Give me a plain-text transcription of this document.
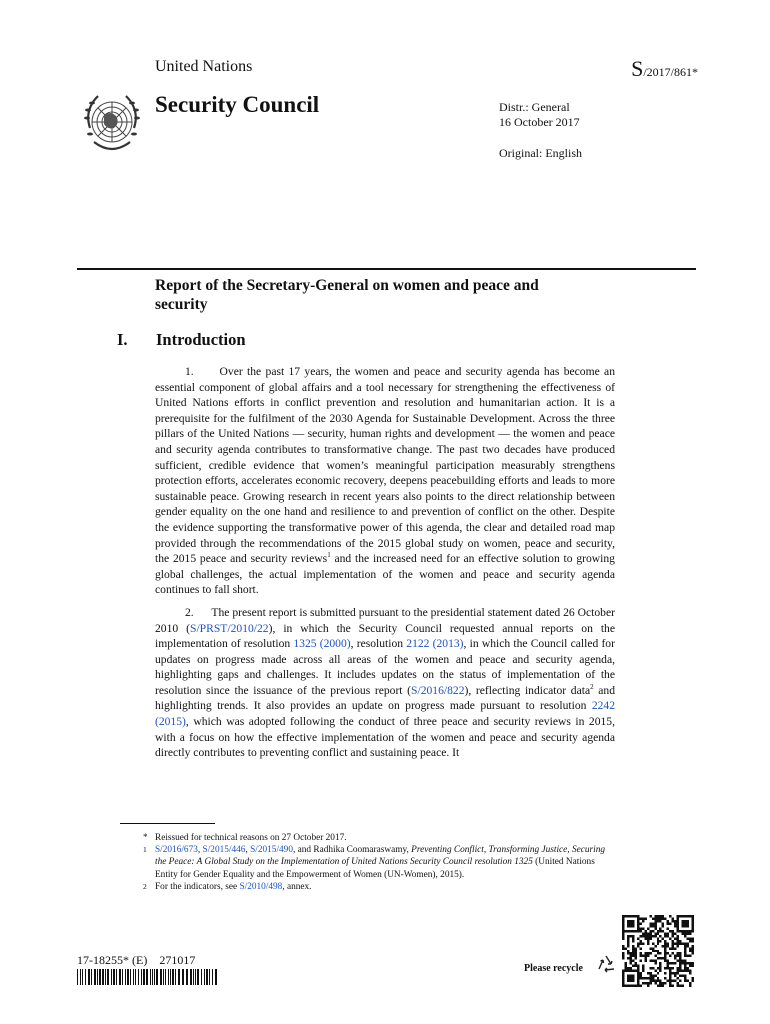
United Nations	S/2017/861*
Security Council	Distr.: General
16 October 2017
Original: English
Report of the Secretary-General on women and peace and security
I. Introduction

1.      Over the past 17 years, the women and peace and security agenda has become an essential component of global affairs and a tool necessary for strengthening the effectiveness of United Nations efforts in conflict prevention and resolution and humanitarian action. It is a prerequisite for the fulfilment of the 2030 Agenda for Sustainable Development. Across the three pillars of the United Nations — security, human rights and development — the women and peace and security agenda contributes to transformative change. The past two decades have produced sufficient, credible evidence that women’s meaningful participation measurably strengthens protection efforts, accelerates economic recovery, deepens peacebuilding efforts and leads to more sustainable peace. Growing research in recent years also points to the direct relationship between gender equality on the one hand and resilience to and prevention of conflict on the other. Despite the evidence supporting the transformative power of this agenda, the clear and detailed road map provided through the recommendations of the 2015 global study on women, peace and security, the 2015 peace and security reviews$^1$ and the increased need for an effective solution to growing global challenges, the actual implementation of the women and peace and security agenda continues to fall short.

2.      The present report is submitted pursuant to the presidential statement dated 26 October 2010 (S/PRST/2010/22), in which the Security Council requested annual reports on the implementation of resolution 1325 (2000), resolution 2122 (2013), in which the Council called for updates on progress made across all areas of the women and peace and security agenda, highlighting gaps and challenges. It includes updates on the status of implementation of the resolution since the issuance of the previous report (S/2016/822), reflecting indicator data$^2$ and highlighting trends. It also provides an update on progress made pursuant to resolution 2242 (2015), which was adopted following the conduct of three peace and security reviews in 2015, with a focus on how the effective implementation of the women and peace and security agenda directly contributes to preventing conflict and sustaining peace. It

* Reissued for technical reasons on 27 October 2017.
1 S/2016/673, S/2015/446, S/2015/490, and Radhika Coomaraswamy, Preventing Conflict, Transforming Justice, Securing the Peace: A Global Study on the Implementation of United Nations Security Council resolution 1325 (United Nations Entity for Gender Equality and the Empowerment of Women (UN-Women), 2015).
2 For the indicators, see S/2010/498, annex.
17-18255* (E)    271017
Please recycle
